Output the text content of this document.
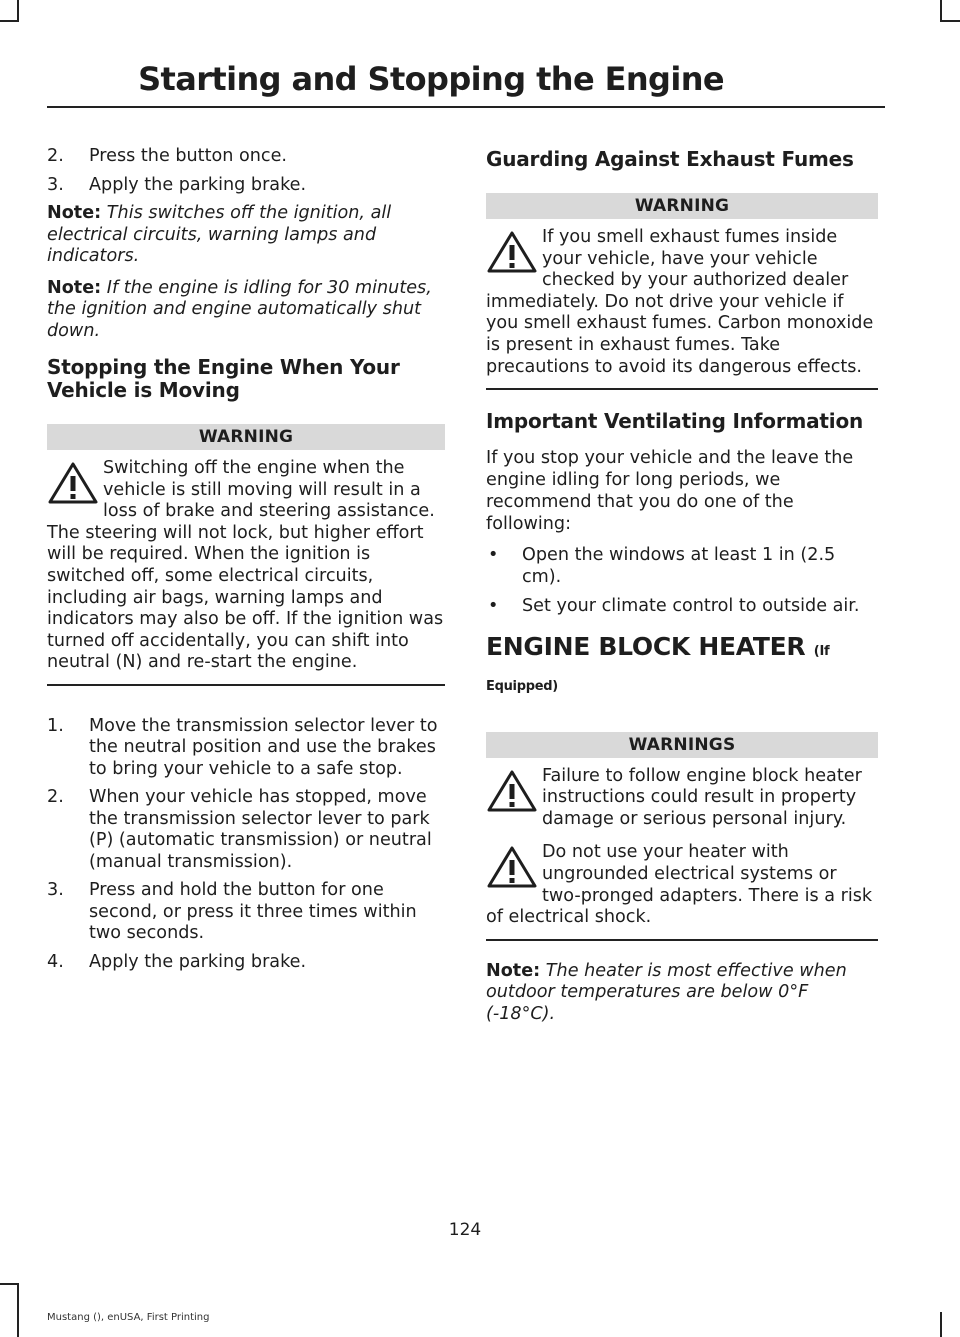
Starting and Stopping the Engine
2.	Press the button once.
3.	Apply the parking brake.
Note: This switches off the ignition, all electrical circuits, warning lamps and indicators.
Note: If the engine is idling for 30 minutes, the ignition and engine automatically shut down.
Stopping the Engine When Your Vehicle is Moving
WARNING
Switching off the engine when the vehicle is still moving will result in a loss of brake and steering assistance. The steering will not lock, but higher effort will be required. When the ignition is switched off, some electrical circuits, including air bags, warning lamps and indicators may also be off. If the ignition was turned off accidentally, you can shift into neutral (N) and re-start the engine.
1.	Move the transmission selector lever to the neutral position and use the brakes to bring your vehicle to a safe stop.
2.	When your vehicle has stopped, move the transmission selector lever to park (P) (automatic transmission) or neutral (manual transmission).
3.	Press and hold the button for one second, or press it three times within two seconds.
4.	Apply the parking brake.
Guarding Against Exhaust Fumes
WARNING
If you smell exhaust fumes inside your vehicle, have your vehicle checked by your authorized dealer immediately. Do not drive your vehicle if you smell exhaust fumes. Carbon monoxide is present in exhaust fumes. Take precautions to avoid its dangerous effects.
Important Ventilating Information
If you stop your vehicle and the leave the engine idling for long periods, we recommend that you do one of the following:
•	Open the windows at least 1 in (2.5 cm).
•	Set your climate control to outside air.
ENGINE BLOCK HEATER (If Equipped)
WARNINGS
Failure to follow engine block heater instructions could result in property damage or serious personal injury.
Do not use your heater with ungrounded electrical systems or two-pronged adapters. There is a risk of electrical shock.
Note: The heater is most effective when outdoor temperatures are below 0°F (-18°C).
124
Mustang (), enUSA, First Printing
